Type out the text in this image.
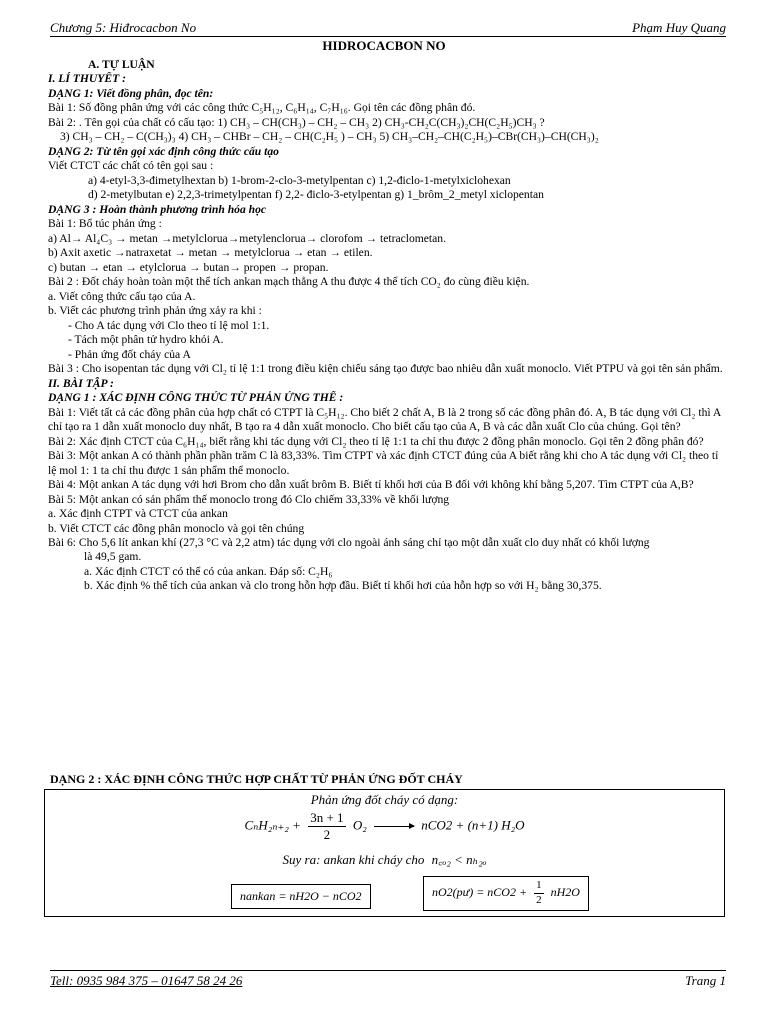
Chương 5: Hiđrocacbon No	Phạm Huy Quang
HIDROCACBON NO

A. TỰ LUẬN

I. LÍ THUYẾT :

DẠNG 1: Viết đồng phân, đọc tên:

Bài 1: Số đồng phân ứng với các công thức C₅H₁₂, C₆H₁₄, C₇H₁₆. Gọi tên các đồng phân đó.

Bài 2: . Tên gọi của chất có cấu tạo: 1) CH₃ – CH(CH₃) – CH₂ – CH₃ 2) CH₃-CH₂C(CH₃)₂CH(C₂H₅)CH₃ ?

3) CH₃ – CH₂ – C(CH₃)₃ 4) CH₃ – CHBr – CH₂ – CH(C₂H₅ ) – CH₃ 5) CH₃–CH₂–CH(C₂H₅)–CBr(CH₃)–CH(CH₃)₂

DẠNG 2: Từ tên gọi xác định công thức cấu tạo

Viết CTCT các chất có tên gọi sau :

a) 4-etyl-3,3-đimetylhextan b) 1-brom-2-clo-3-metylpentan c) 1,2-điclo-1-metylxiclohexan

d) 2-metylbutan e) 2,2,3-trimetylpentan f) 2,2- điclo-3-etylpentan g) 1_brôm_2_metyl xiclopentan

DẠNG 3 : Hoàn thành phương trình hóa học

Bài 1: Bổ túc phản ứng :

a) Al→ Al₄C₃ → metan →metylclorua→metylenclorua→ clorofom → tetraclometan.

b) Axit axetic →natraxetat → metan → metylclorua → etan → etilen.

c) butan → etan → etylclorua → butan→ propen → propan.

Bài 2 : Đốt cháy hoàn toàn một thể tích ankan mạch thẳng A thu được 4 thể tích CO₂ đo cùng điều kiện.

a. Viết công thức cấu tạo của A.

b. Viết các phương trình phản ứng xảy ra khi :

- Cho A tác dụng với Clo theo tỉ lệ mol 1:1.

- Tách một phân tử hydro khỏi A.

- Phản ứng đốt cháy của A

Bài 3 : Cho isopentan tác dụng với Cl₂ tỉ lệ 1:1 trong điều kiện chiếu sáng tạo được bao nhiêu dẫn xuất monoclo. Viết PTPU và gọi tên sản phẩm.

II. BÀI TẬP :

DẠNG 1 : XÁC ĐỊNH CÔNG THỨC TỪ PHẢN ỨNG THẾ :

Bài 1: Viết tất cả các đồng phân của hợp chất có CTPT là C₅H₁₂. Cho biết 2 chất A, B là 2 trong số các đồng phân đó. A, B tác dụng với Cl₂ thì A chỉ tạo ra 1 dẫn xuất monoclo duy nhất, B tạo ra 4 dẫn xuất monoclo. Cho biết cấu tạo của A, B và các dẫn xuất Clo của chúng. Gọi tên?

Bài 2: Xác định CTCT của C₆H₁₄, biết rằng khi tác dụng với Cl₂ theo tỉ lệ 1:1 ta chỉ thu được 2 đồng phân monoclo. Gọi tên 2 đồng phân đó?

Bài 3: Một ankan A có thành phần phần trăm C là 83,33%. Tìm CTPT và xác định CTCT đúng của A biết rằng khi cho A tác dụng với Cl₂ theo tỉ lệ mol 1: 1 ta chỉ thu được 1 sản phẩm thế monoclo.

Bài 4: Một ankan A tác dụng với hơi Brom cho dẫn xuất brôm B. Biết tỉ khối hơi của B đối với không khí bằng 5,207. Tìm CTPT của A,B?

Bài 5: Một ankan có sản phẩm thế monoclo trong đó Clo chiếm 33,33% về khối lượng

a. Xác định CTPT và CTCT của ankan

b. Viết CTCT các đồng phân monoclo và gọi tên chúng

Bài 6: Cho 5,6 lít ankan khí (27,3 °C và 2,2 atm) tác dụng với clo ngoài ánh sáng chỉ tạo một dẫn xuất clo duy nhất có khối lượng

là 49,5 gam.

a. Xác định CTCT có thể có của ankan. Đáp số: C₂H₆

b. Xác định % thể tích của ankan và clo trong hỗn hợp đầu. Biết tỉ khối hơi của hỗn hợp so với H₂ bằng 30,375.

DẠNG 2 : XÁC ĐỊNH CÔNG THỨC HỢP CHẤT TỪ PHẢN ỨNG ĐỐT CHÁY
Phản ứng đốt cháy có dạng:
$C_nH_{2n+2} + \frac{3n + 1}{2} O_2$	nCO2 + (n+1) H₂O
Suy ra: ankan khi cháy cho n꜀ₒ₂ < nₕ₂ₒ
nankan = nH2O − nCO2	nO2(pư) = $nCO2 + \frac{1}{2} nH2O$
Tell: 0935 984 375 – 01647 58 24 26	Trang 1
